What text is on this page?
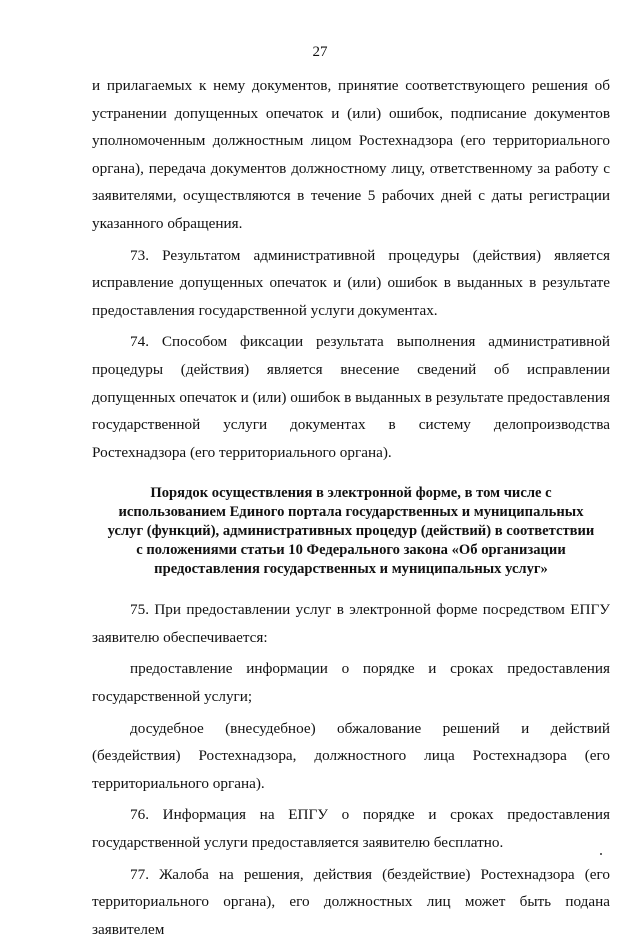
27

и прилагаемых к нему документов, принятие соответствующего решения об устранении допущенных опечаток и (или) ошибок, подписание документов уполномоченным должностным лицом Ростехнадзора (его территориального органа), передача документов должностному лицу, ответственному за работу с заявителями, осуществляются в течение 5 рабочих дней с даты регистрации указанного обращения.

73. Результатом административной процедуры (действия) является исправление допущенных опечаток и (или) ошибок в выданных в результате предоставления государственной услуги документах.

74. Способом фиксации результата выполнения административной процедуры (действия) является внесение сведений об исправлении допущенных опечаток и (или) ошибок в выданных в результате предоставления государственной услуги документах в систему делопроизводства Ростехнадзора (его территориального органа).

Порядок осуществления в электронной форме, в том числе с
использованием Единого портала государственных и муниципальных
услуг (функций), административных процедур (действий) в соответствии
с положениями статьи 10 Федерального закона «Об организации
предоставления государственных и муниципальных услуг»

75. При предоставлении услуг в электронной форме посредством ЕПГУ заявителю обеспечивается:

предоставление информации о порядке и сроках предоставления государственной услуги;

досудебное (внесудебное) обжалование решений и действий (бездействия) Ростехнадзора, должностного лица Ростехнадзора (его территориального органа).

76. Информация на ЕПГУ о порядке и сроках предоставления государственной услуги предоставляется заявителю бесплатно.

77. Жалоба на решения, действия (бездействие) Ростехнадзора (его территориального органа), его должностных лиц может быть подана заявителем
